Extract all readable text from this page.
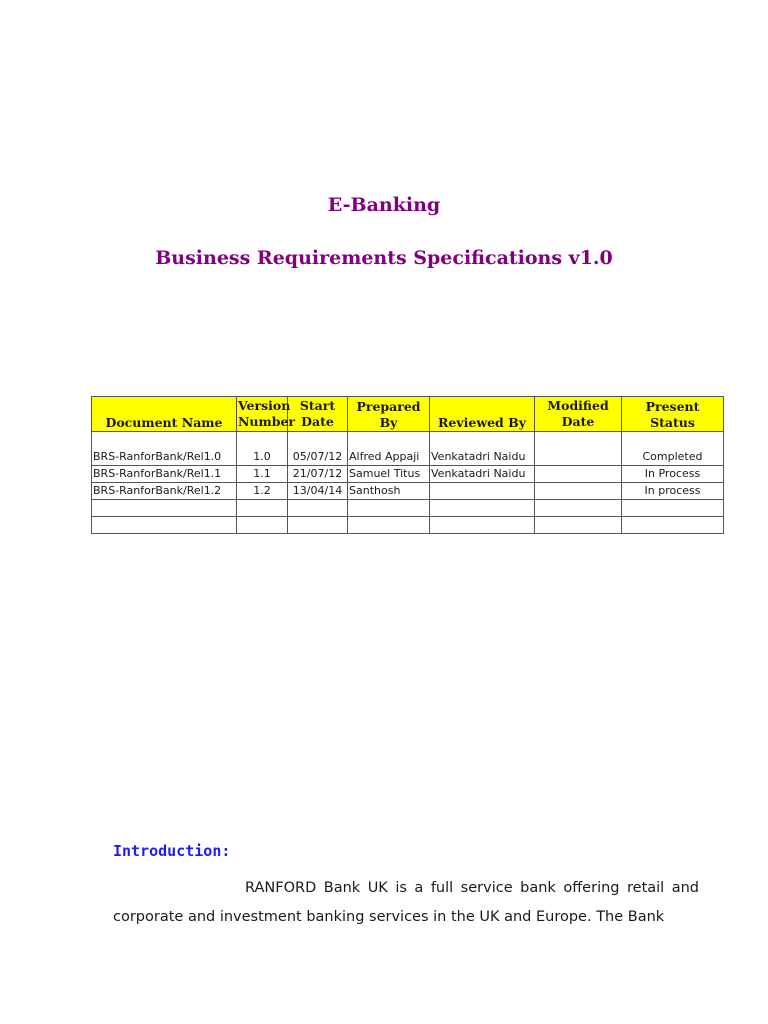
E-Banking
Business Requirements Specifications v1.0
Document Name	Version Number	Start Date	Prepared By	Reviewed By	Modified Date	Present Status
BRS-RanforBank/Rel1.0	1.0	05/07/12	Alfred Appaji	Venkatadri Naidu		Completed
BRS-RanforBank/Rel1.1	1.1	21/07/12	Samuel Titus	Venkatadri Naidu		In Process
BRS-RanforBank/Rel1.2	1.2	13/04/14	Santhosh			In process

Introduction:

RANFORD Bank UK is a full service bank offering retail and corporate and investment banking services in the UK and Europe. The Bank
